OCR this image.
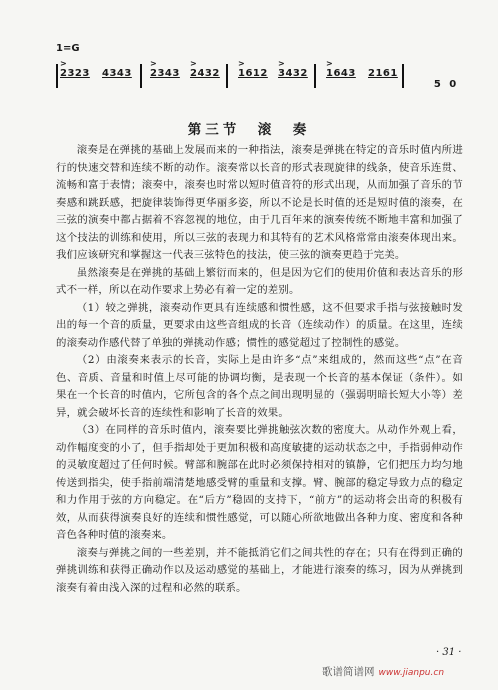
1=G
>
2323 4343
>
2343
>
2432
>
1612
>
3432
>
1643 2161

5  0

第三节　滚　奏

滚奏是在弹挑的基础上发展而来的一种指法，滚奏是弹挑在特定的音乐时值内所进行的快速交替和连续不断的动作。滚奏常以长音的形式表现旋律的线条，使音乐连贯、流畅和富于表情；滚奏中，滚奏也时常以短时值音符的形式出现，从而加强了音乐的节奏感和跳跃感，把旋律装饰得更华丽多姿，所以不论是长时值的还是短时值的滚奏，在三弦的演奏中都占据着不容忽视的地位，由于几百年来的演奏传统不断地丰富和加强了这个技法的训练和使用，所以三弦的表现力和其特有的艺术风格常常由滚奏体现出来。我们应该研究和掌握这一代表三弦特色的技法，使三弦的演奏更趋于完美。

虽然滚奏是在弹挑的基础上繁衍而来的，但是因为它们的使用价值和表达音乐的形式不一样，所以在动作要求上势必有着一定的差别。

（1）较之弹挑，滚奏动作更具有连续感和惯性感，这不但要求手指与弦接触时发出的每一个音的质量，更要求由这些音组成的长音（连续动作）的质量。在这里，连续的滚奏动作感代替了单独的弹挑动作感；惯性的感觉超过了控制性的感觉。

（2）由滚奏来表示的长音，实际上是由许多“点”来组成的，然而这些“点”在音色、音质、音量和时值上尽可能的协调均衡，是表现一个长音的基本保证（条件）。如果在一个长音的时值内，它所包含的各个点之间出现明显的（强弱明暗长短大小等）差异，就会破坏长音的连续性和影响了长音的效果。

（3）在同样的音乐时值内，滚奏要比弹挑触弦次数的密度大。从动作外观上看，动作幅度变的小了，但手指却处于更加积极和高度敏捷的运动状态之中，手指弱伸动作的灵敏度超过了任何时候。臂部和腕部在此时必须保持相对的镇静，它们把压力均匀地传送到指尖，使手指前端清楚地感受臂的重量和支撑。臂、腕部的稳定导致力点的稳定和力作用于弦的方向稳定。在“后方”稳固的支持下，“前方”的运动将会出奇的积极有效，从而获得演奏良好的连续和惯性感觉，可以随心所欲地做出各种力度、密度和各种音色各种时值的滚奏来。

滚奏与弹挑之间的一些差别，并不能抵消它们之间共性的存在；只有在得到正确的弹挑训练和获得正确动作以及运动感觉的基础上，才能进行滚奏的练习，因为从弹挑到滚奏有着由浅入深的过程和必然的联系。

· 31 ·
歌谱简谱网 www.jianpu.cn
